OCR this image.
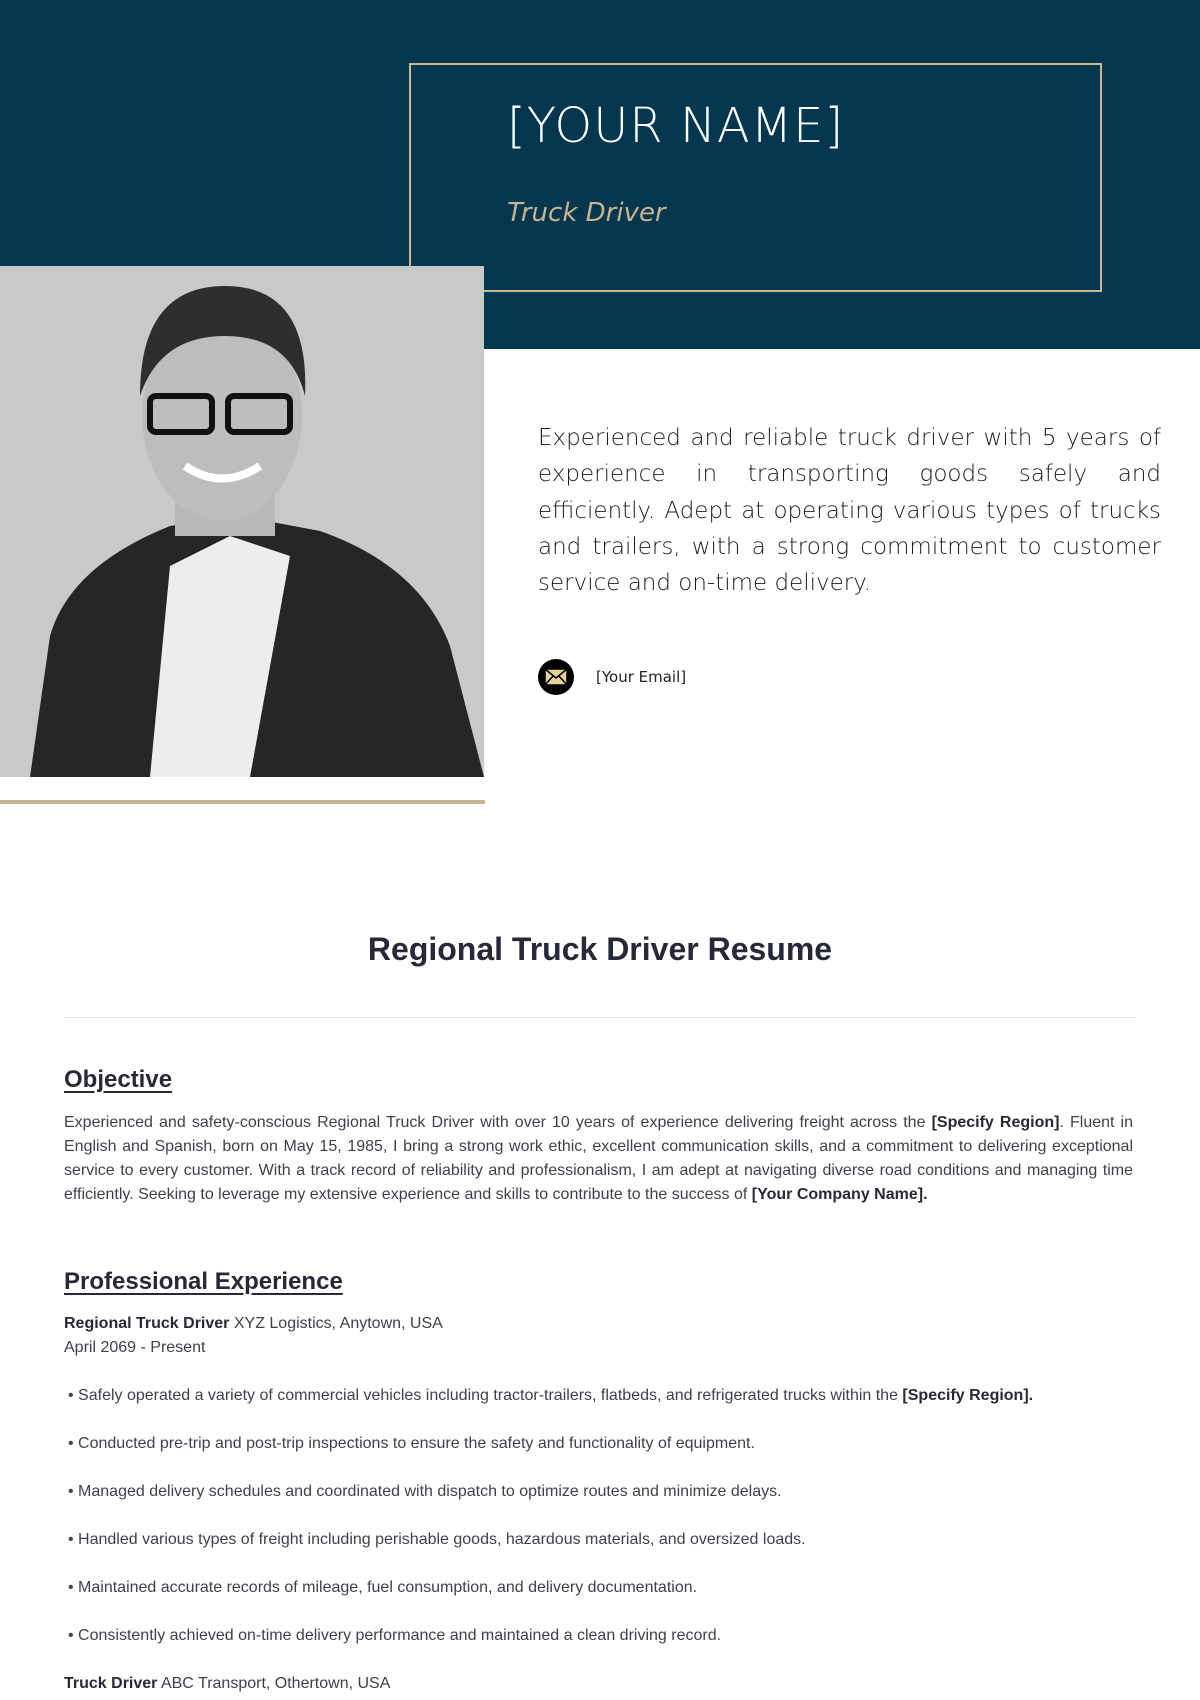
[YOUR NAME]
Truck Driver
Experienced and reliable truck driver with 5 years of experience in transporting goods safely and efficiently. Adept at operating various types of trucks and trailers, with a strong commitment to customer service and on-time delivery.
[Your Email]
Regional Truck Driver Resume
Objective
Experienced and safety-conscious Regional Truck Driver with over 10 years of experience delivering freight across the [Specify Region]. Fluent in English and Spanish, born on May 15, 1985, I bring a strong work ethic, excellent communication skills, and a commitment to delivering exceptional service to every customer. With a track record of reliability and professionalism, I am adept at navigating diverse road conditions and managing time efficiently. Seeking to leverage my extensive experience and skills to contribute to the success of [Your Company Name].
Professional Experience
Regional Truck Driver XYZ Logistics, Anytown, USA
April 2069 - Present
• Safely operated a variety of commercial vehicles including tractor-trailers, flatbeds, and refrigerated trucks within the [Specify Region].
• Conducted pre-trip and post-trip inspections to ensure the safety and functionality of equipment.
• Managed delivery schedules and coordinated with dispatch to optimize routes and minimize delays.
• Handled various types of freight including perishable goods, hazardous materials, and oversized loads.
• Maintained accurate records of mileage, fuel consumption, and delivery documentation.
• Consistently achieved on-time delivery performance and maintained a clean driving record.
Truck Driver ABC Transport, Othertown, USA
